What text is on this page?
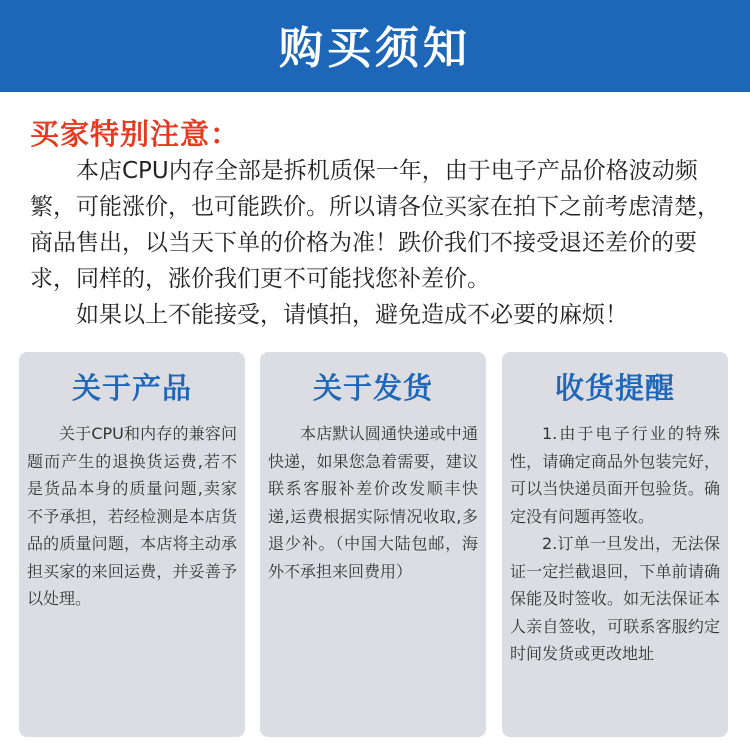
购买须知
买家特别注意：

本店CPU内存全部是拆机质保一年，由于电子产品价格波动频繁，可能涨价，也可能跌价。所以请各位买家在拍下之前考虑清楚，商品售出，以当天下单的价格为准！跌价我们不接受退还差价的要求，同样的，涨价我们更不可能找您补差价。

如果以上不能接受，请慎拍，避免造成不必要的麻烦！

关于产品

关于CPU和内存的兼容问题而产生的退换货运费,若不是货品本身的质量问题,卖家不予承担，若经检测是本店货品的质量问题，本店将主动承担买家的来回运费，并妥善予以处理。

关于发货

本店默认圆通快递或中通快递，如果您急着需要，建议联系客服补差价改发顺丰快递,运费根据实际情况收取,多退少补。（中国大陆包邮，海外不承担来回费用）

收货提醒

1.由于电子行业的特殊性，请确定商品外包装完好，可以当快递员面开包验货。确定没有问题再签收。

2.订单一旦发出，无法保证一定拦截退回，下单前请确保能及时签收。如无法保证本人亲自签收，可联系客服约定时间发货或更改地址
